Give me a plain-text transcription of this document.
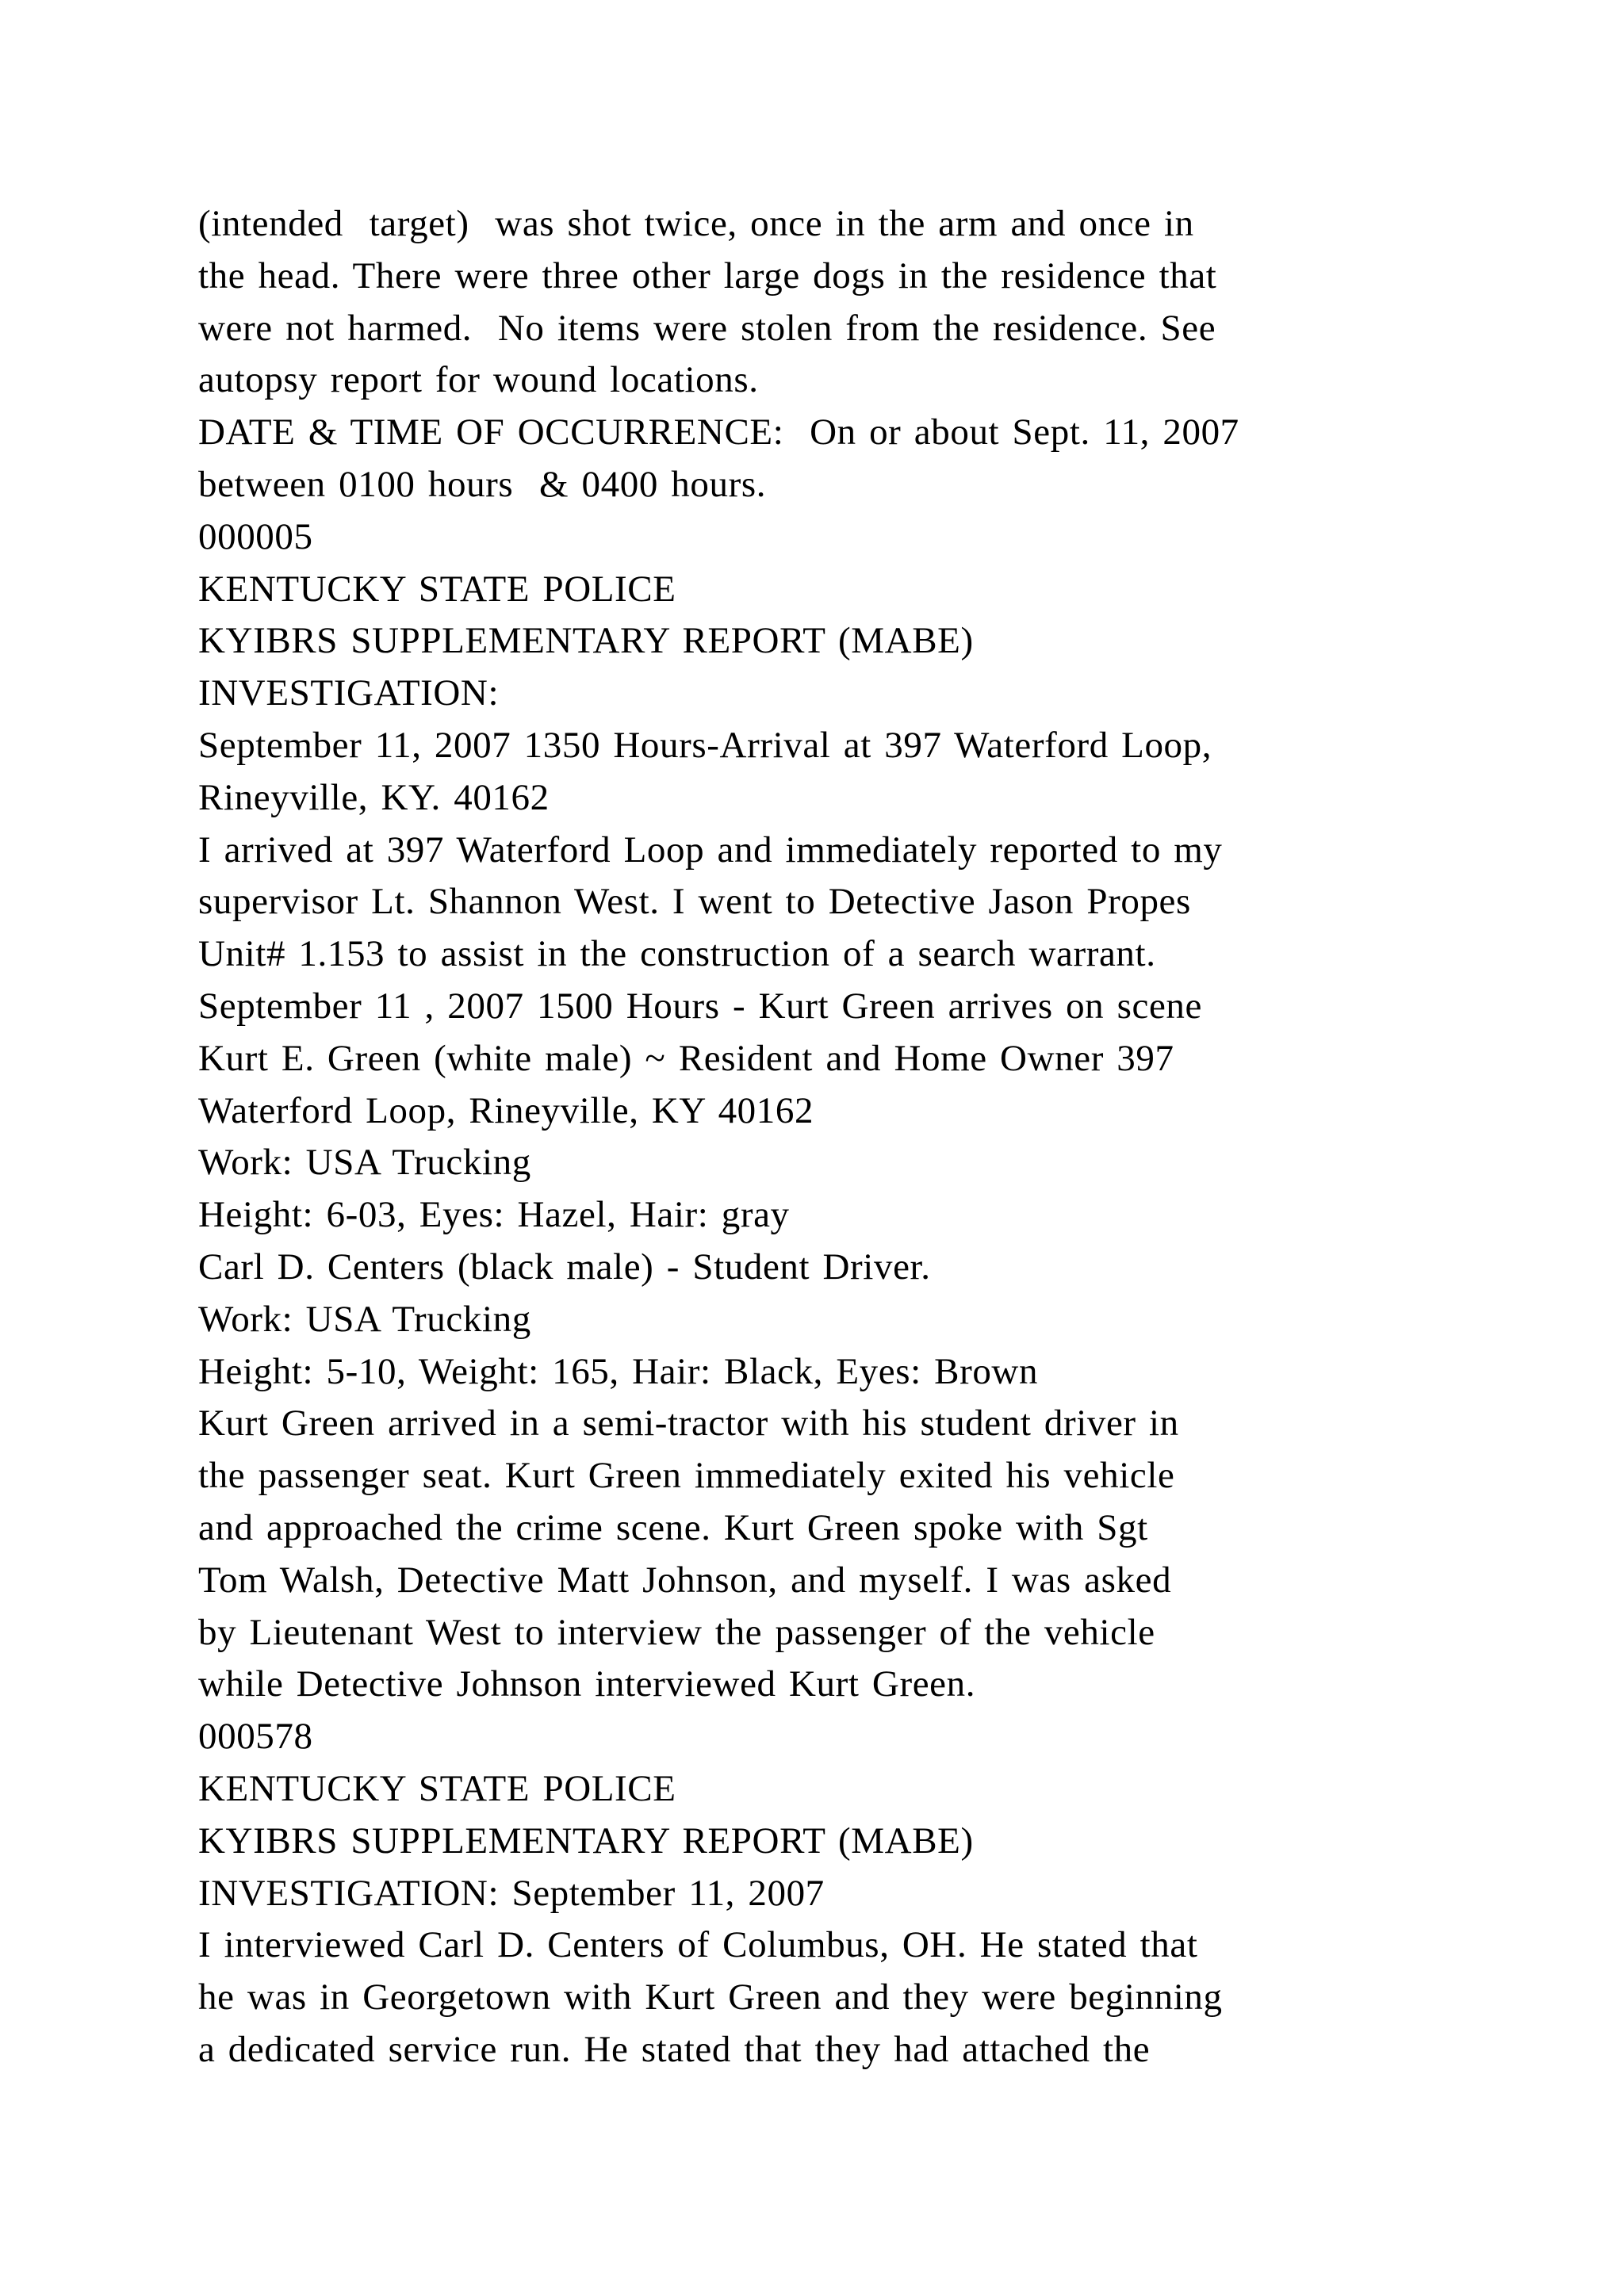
(intended  target)  was shot twice, once in the arm and once in
the head. There were three other large dogs in the residence that
were not harmed.  No items were stolen from the residence. See
autopsy report for wound locations.
DATE & TIME OF OCCURRENCE:  On or about Sept. 11, 2007
between 0100 hours  & 0400 hours.
000005
KENTUCKY STATE POLICE
KYIBRS SUPPLEMENTARY REPORT (MABE)
INVESTIGATION:
September 11, 2007 1350 Hours-Arrival at 397 Waterford Loop,
Rineyville, KY. 40162
I arrived at 397 Waterford Loop and immediately reported to my
supervisor Lt. Shannon West. I went to Detective Jason Propes
Unit# 1.153 to assist in the construction of a search warrant.
September 11 , 2007 1500 Hours - Kurt Green arrives on scene
Kurt E. Green (white male) ~ Resident and Home Owner 397
Waterford Loop, Rineyville, KY 40162
Work: USA Trucking
Height: 6-03, Eyes: Hazel, Hair: gray
Carl D. Centers (black male) - Student Driver.
Work: USA Trucking
Height: 5-10, Weight: 165, Hair: Black, Eyes: Brown
Kurt Green arrived in a semi-tractor with his student driver in
the passenger seat. Kurt Green immediately exited his vehicle
and approached the crime scene. Kurt Green spoke with Sgt
Tom Walsh, Detective Matt Johnson, and myself. I was asked
by Lieutenant West to interview the passenger of the vehicle
while Detective Johnson interviewed Kurt Green.
000578
KENTUCKY STATE POLICE
KYIBRS SUPPLEMENTARY REPORT (MABE)
INVESTIGATION: September 11, 2007
I interviewed Carl D. Centers of Columbus, OH. He stated that
he was in Georgetown with Kurt Green and they were beginning
a dedicated service run. He stated that they had attached the
